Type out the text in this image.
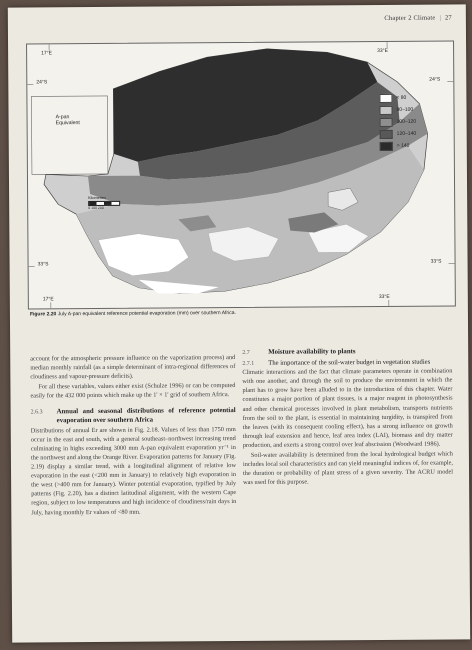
Chapter 2 Climate | 27
17°E	33°E
24°S	24°S
33°S	33°S
17°E	33°E
A-pan
Equivalent
Kilometres
0 100 200
< 80
80–100
100–120
120–140
> 140
Figure 2.20 July A-pan equivalent reference potential evaporation (mm) over southern Africa.

account for the atmospheric pressure influence on the vaporization process) and median monthly rainfall (as a simple determinant of intra-regional differences of cloudiness and vapour-pressure deficits).

For all these variables, values either exist (Schulze 1996) or can be computed easily for the 432 000 points which make up the 1' × 1' grid of southern Africa.

2.6.3	Annual and seasonal distributions of reference potential evaporation over southern Africa

Distributions of annual Er are shown in Fig. 2.18. Values of less than 1750 mm occur in the east and south, with a general southeast–northwest increasing trend culminating in highs exceeding 3000 mm A-pan equivalent evaporation yr⁻¹ in the northwest and along the Orange River. Evaporation patterns for January (Fig. 2.19) display a similar trend, with a longitudinal alignment of relative low evaporation in the east (<200 mm in January) to relatively high evaporation in the west (>400 mm for January). Winter potential evaporation, typified by July patterns (Fig. 2.20), has a distinct latitudinal alignment, with the western Cape region, subject to low temperatures and high incidence of cloudiness/rain days in July, having monthly Er values of <80 mm.

2.7	Moisture availability to plants
2.7.1	The importance of the soil-water budget in vegetation studies

Climatic interactions and the fact that climate parameters operate in combination with one another, and through the soil to produce the environment in which the plant has to grow have been alluded to in the introduction of this chapter. Water constitutes a major portion of plant tissues, is a major reagent in photosynthesis and other chemical processes involved in plant metabolism, transports nutrients from the soil to the plant, is essential in maintaining turgidity, is transpired from the leaves (with its consequent cooling effect), has a strong influence on growth through leaf extension and hence, leaf area index (LAI), biomass and dry matter production, and exerts a strong control over leaf abscission (Woodward 1986).

Soil-water availability is determined from the local hydrological budget which includes local soil characteristics and can yield meaningful indices of, for example, the duration or probability of plant stress of a given severity. The ACRU model was used for this purpose.
